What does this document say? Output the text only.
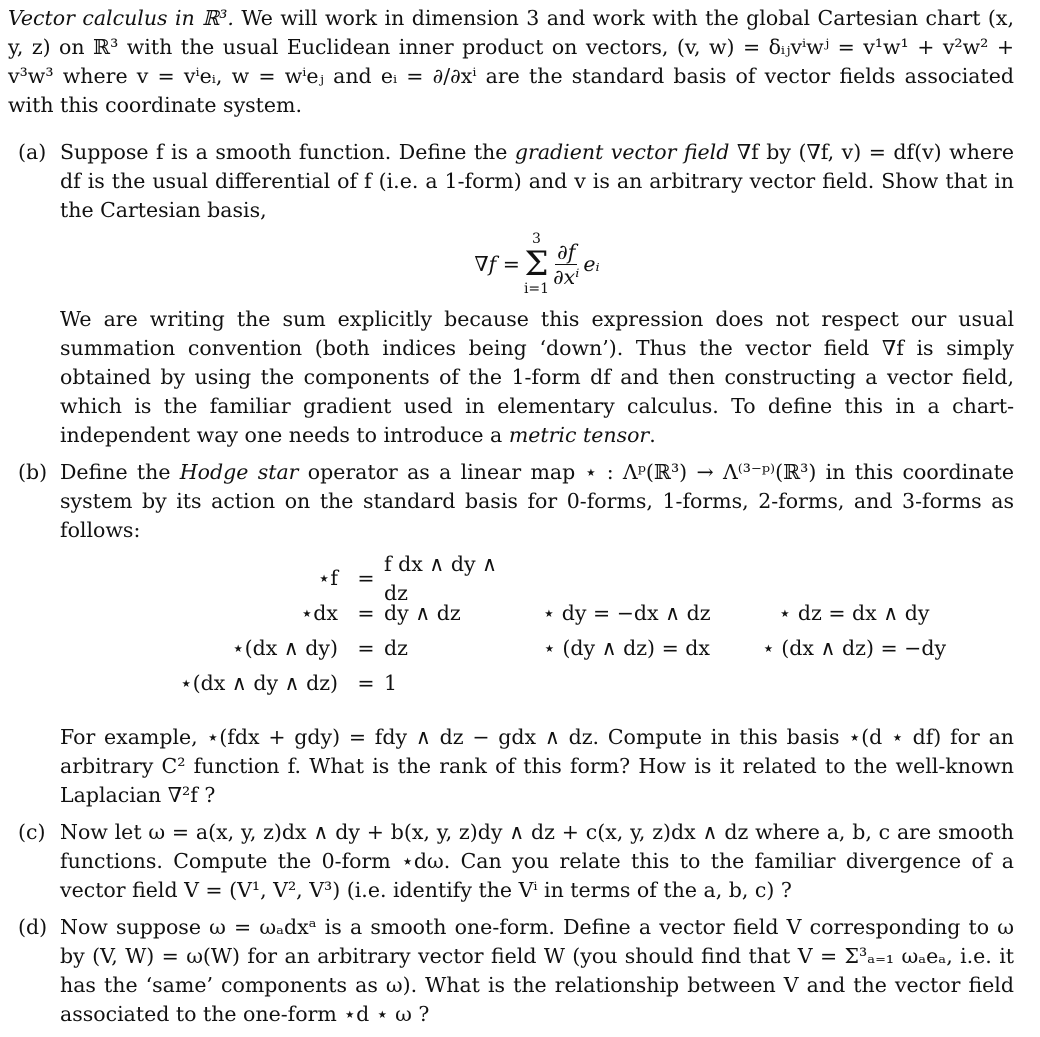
Vector calculus in ℝ³. We will work in dimension 3 and work with the global Cartesian chart (x, y, z) on ℝ³ with the usual Euclidean inner product on vectors, (v, w) = δᵢⱼvⁱwʲ = v¹w¹ + v²w² + v³w³ where v = vⁱeᵢ, w = wⁱeⱼ and eᵢ = ∂/∂xⁱ are the standard basis of vector fields associated with this coordinate system.

(a) Suppose f is a smooth function. Define the gradient vector field ∇f by (∇f, v) = df(v) where df is the usual differential of f (i.e. a 1-form) and v is an arbitrary vector field. Show that in the Cartesian basis,

∇f =
3
Σ
i=1
$\frac{\partial f}{\text{∂xⁱ}}$ eᵢ

We are writing the sum explicitly because this expression does not respect our usual summation convention (both indices being ‘down’). Thus the vector field ∇f is simply obtained by using the components of the 1-form df and then constructing a vector field, which is the familiar gradient used in elementary calculus. To define this in a chart-independent way one needs to introduce a metric tensor.

(b) Define the Hodge star operator as a linear map ⋆ : Λᵖ(ℝ³) → Λ⁽³⁻ᵖ⁾(ℝ³) in this coordinate system by its action on the standard basis for 0-forms, 1-forms, 2-forms, and 3-forms as follows:

⋆f =
f dx ∧ dy ∧ dz
⋆dx = dy ∧ dz	⋆ dy = −dx ∧ dz	⋆ dz = dx ∧ dy
⋆(dx ∧ dy) = dz	⋆ (dy ∧ dz) = dx	⋆ (dx ∧ dz) = −dy
⋆(dx ∧ dy ∧ dz) = 1

For example, ⋆(fdx + gdy) = fdy ∧ dz − gdx ∧ dz. Compute in this basis ⋆(d ⋆ df) for an arbitrary C² function f. What is the rank of this form? How is it related to the well-known Laplacian ∇²f ?

(c) Now let ω = a(x, y, z)dx ∧ dy + b(x, y, z)dy ∧ dz + c(x, y, z)dx ∧ dz where a, b, c are smooth functions. Compute the 0-form ⋆dω. Can you relate this to the familiar divergence of a vector field V = (V¹, V², V³) (i.e. identify the Vⁱ in terms of the a, b, c) ?

(d) Now suppose ω = ωₐdxᵃ is a smooth one-form. Define a vector field V corresponding to ω by (V, W) = ω(W) for an arbitrary vector field W (you should find that V = Σ³ₐ₌₁ ωₐeₐ, i.e. it has the ‘same’ components as ω). What is the relationship between V and the vector field associated to the one-form ⋆d ⋆ ω ?
